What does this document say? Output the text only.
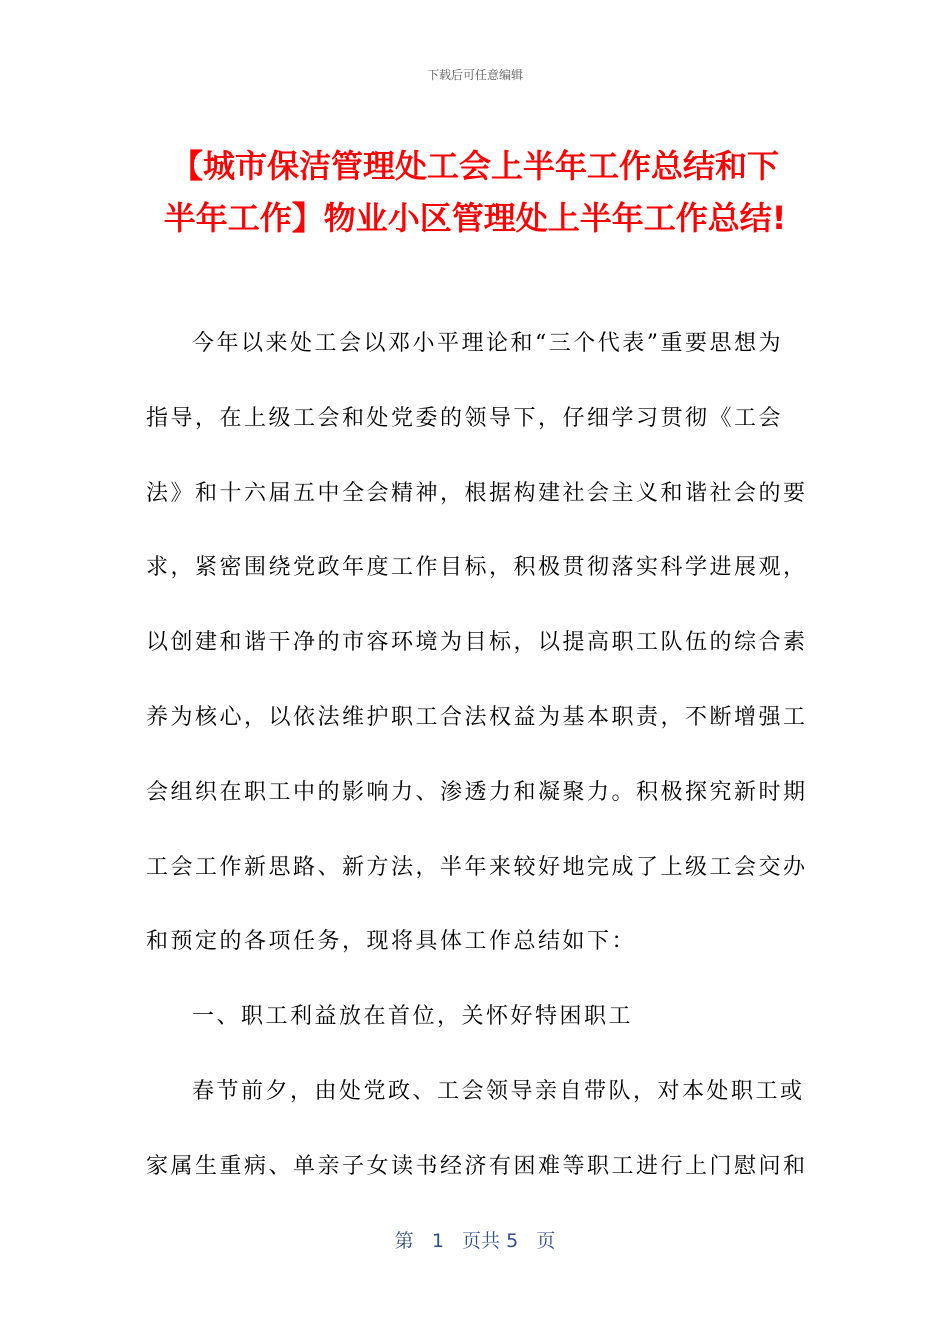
下载后可任意编辑
【城市保洁管理处工会上半年工作总结和下
半年工作】物业小区管理处上半年工作总结!
今年以来处工会以邓小平理论和“三个代表”重要思想为
指导，在上级工会和处党委的领导下，仔细学习贯彻《工会
法》和十六届五中全会精神，根据构建社会主义和谐社会的要
求，紧密围绕党政年度工作目标，积极贯彻落实科学进展观，
以创建和谐干净的市容环境为目标，以提高职工队伍的综合素
养为核心，以依法维护职工合法权益为基本职责，不断增强工
会组织在职工中的影响力、渗透力和凝聚力。积极探究新时期
工会工作新思路、新方法，半年来较好地完成了上级工会交办
和预定的各项任务，现将具体工作总结如下：
一、职工利益放在首位，关怀好特困职工
春节前夕，由处党政、工会领导亲自带队，对本处职工或
家属生重病、单亲子女读书经济有困难等职工进行上门慰问和
第 1 页共 5 页
